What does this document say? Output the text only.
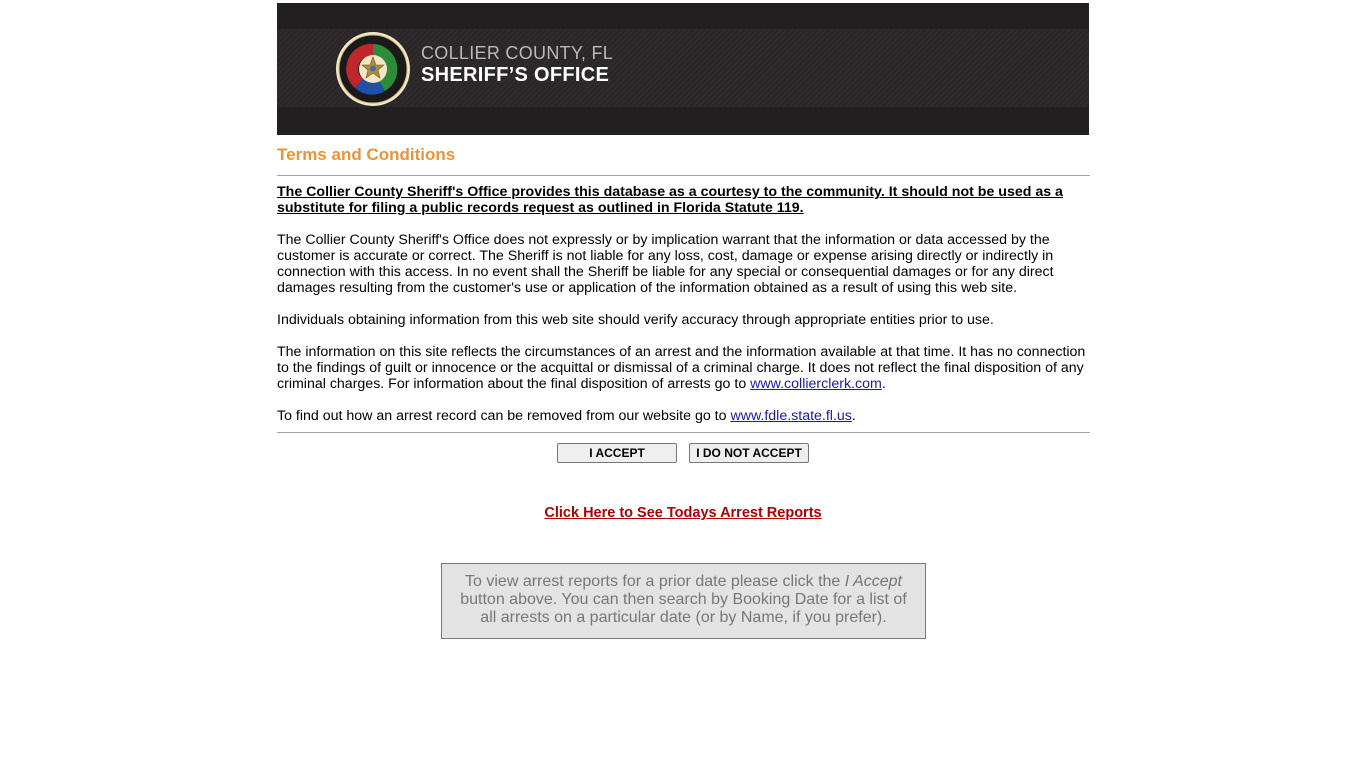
COLLIER COUNTY, FL
SHERIFF’S OFFICE
Terms and Conditions

The Collier County Sheriff's Office provides this database as a courtesy to the community. It should not be used as a substitute for filing a public records request as outlined in Florida Statute 119.

The Collier County Sheriff's Office does not expressly or by implication warrant that the information or data accessed by the customer is accurate or correct. The Sheriff is not liable for any loss, cost, damage or expense arising directly or indirectly in connection with this access. In no event shall the Sheriff be liable for any special or consequential damages or for any direct damages resulting from the customer's use or application of the information obtained as a result of using this web site.

Individuals obtaining information from this web site should verify accuracy through appropriate entities prior to use.

The information on this site reflects the circumstances of an arrest and the information available at that time. It has no connection to the findings of guilt or innocence or the acquittal or dismissal of a criminal charge. It does not reflect the final disposition of any criminal charges. For information about the final disposition of arrests go to www.collierclerk.com.

To find out how an arrest record can be removed from our website go to www.fdle.state.fl.us.

I ACCEPT	I DO NOT ACCEPT
Click Here to See Todays Arrest Reports
To view arrest reports for a prior date please click the I Accept button above. You can then search by Booking Date for a list of all arrests on a particular date (or by Name, if you prefer).
